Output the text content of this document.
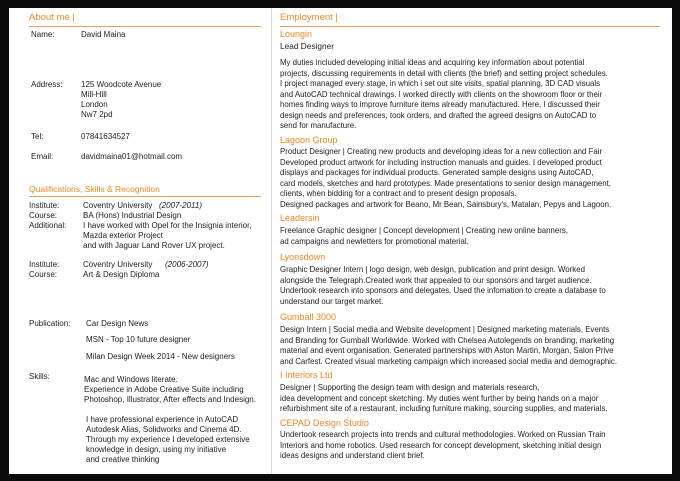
About me |
Name:	David Maina
Address: 125 Woodcote Avenue
Mill-Hill
London
Nw7 2pd
Tel:	07841634527
Email:	davidmaina01@hotmail.com
Qualifications, Skills & Recognition
Institute:	Coventry University (2007-2011)
Course:	BA (Hons) Industrial Design
Additional: I have worked with Opel for the Insignia interior,
Mazda exterior Project
and with Jaguar Land Rover UX project.
Institute:	Coventry University (2006-2007)
Course:	Art & Design Diploma
Publication: Car Design News
MSN - Top 10 future designer
Milan Design Week 2014 - New designers
Skills:	Mac and Windows literate.
Experience in Adobe Creative Suite including
Photoshop, Illustrator, After effects and Indesign.
I have professional experience in AutoCAD
Autodesk Alias, Solidworks and Cinema 4D.
Through my experience I developed extensive
knowledge in design, using my initiative
and creative thinking
Employment |
Loungin
Lead Designer
My duties included developing initial ideas and acquiring key information about potential
projects, discussing requirements in detail with clients (the brief) and setting project schedules.
I project managed every stage, in which i set out site visits, spatial planning, 3D CAD visuals
and AutoCAD technical drawings. I worked directly with clients on the showroom floor or their
homes finding ways to improve furniture items already manufactured. Here, I discussed their
design needs and preferences, took orders, and drafted the agreed designs on AutoCAD to
send for manufacture.
Lagoon Group
Product Designer | Creating new products and developing ideas for a new collection and Fair
Developed product artwork for including instruction manuals and guides. I developed product
displays and packages for individual products. Generated sample designs using AutoCAD,
card models, sketches and hard prototypes. Made presentations to senior design management,
clients, when bidding for a contract and to present design proposals.
Designed packages and artwork for Beano, Mr Bean, Sainsbury's, Matalan, Pepys and Lagoon.
Leadersin
Freelance Graphic designer | Concept development | Creating new online banners,
ad campaigns and newletters for promotional material.
Lyonsdown
Graphic Designer Intern | logo design, web design, publication and print design. Worked
alongside the Telegraph.Created work that appealed to our sponsors and target audience.
Undertook research into sponsors and delegates. Used the infomation to create a database to
understand our target market.
Gumball 3000
Design Intern | Social media and Website development | Designed marketing materials, Events
and Branding for Gumball Worldwide. Worked with Chelsea Autolegends on branding, marketing
material and event organisation. Generated partnerships with Aston Martin, Morgan, Salon Prive
and Carfest. Created visual marketing campaign which increased social media and demographic.
I Interiors Ltd
Designer | Supporting the design team with design and materials research,
idea development and concept sketching. My duties went further by being hands on a major
refurbishment site of a restaurant, including furniture making, sourcing supplies, and materials.
CEPAD Design Studio
Undertook research projects into trends and cultural methodologies. Worked on Russian Train
Interiors and home robotics. Used research for concept development, sketching initial design
ideas designs and understand client brief.
